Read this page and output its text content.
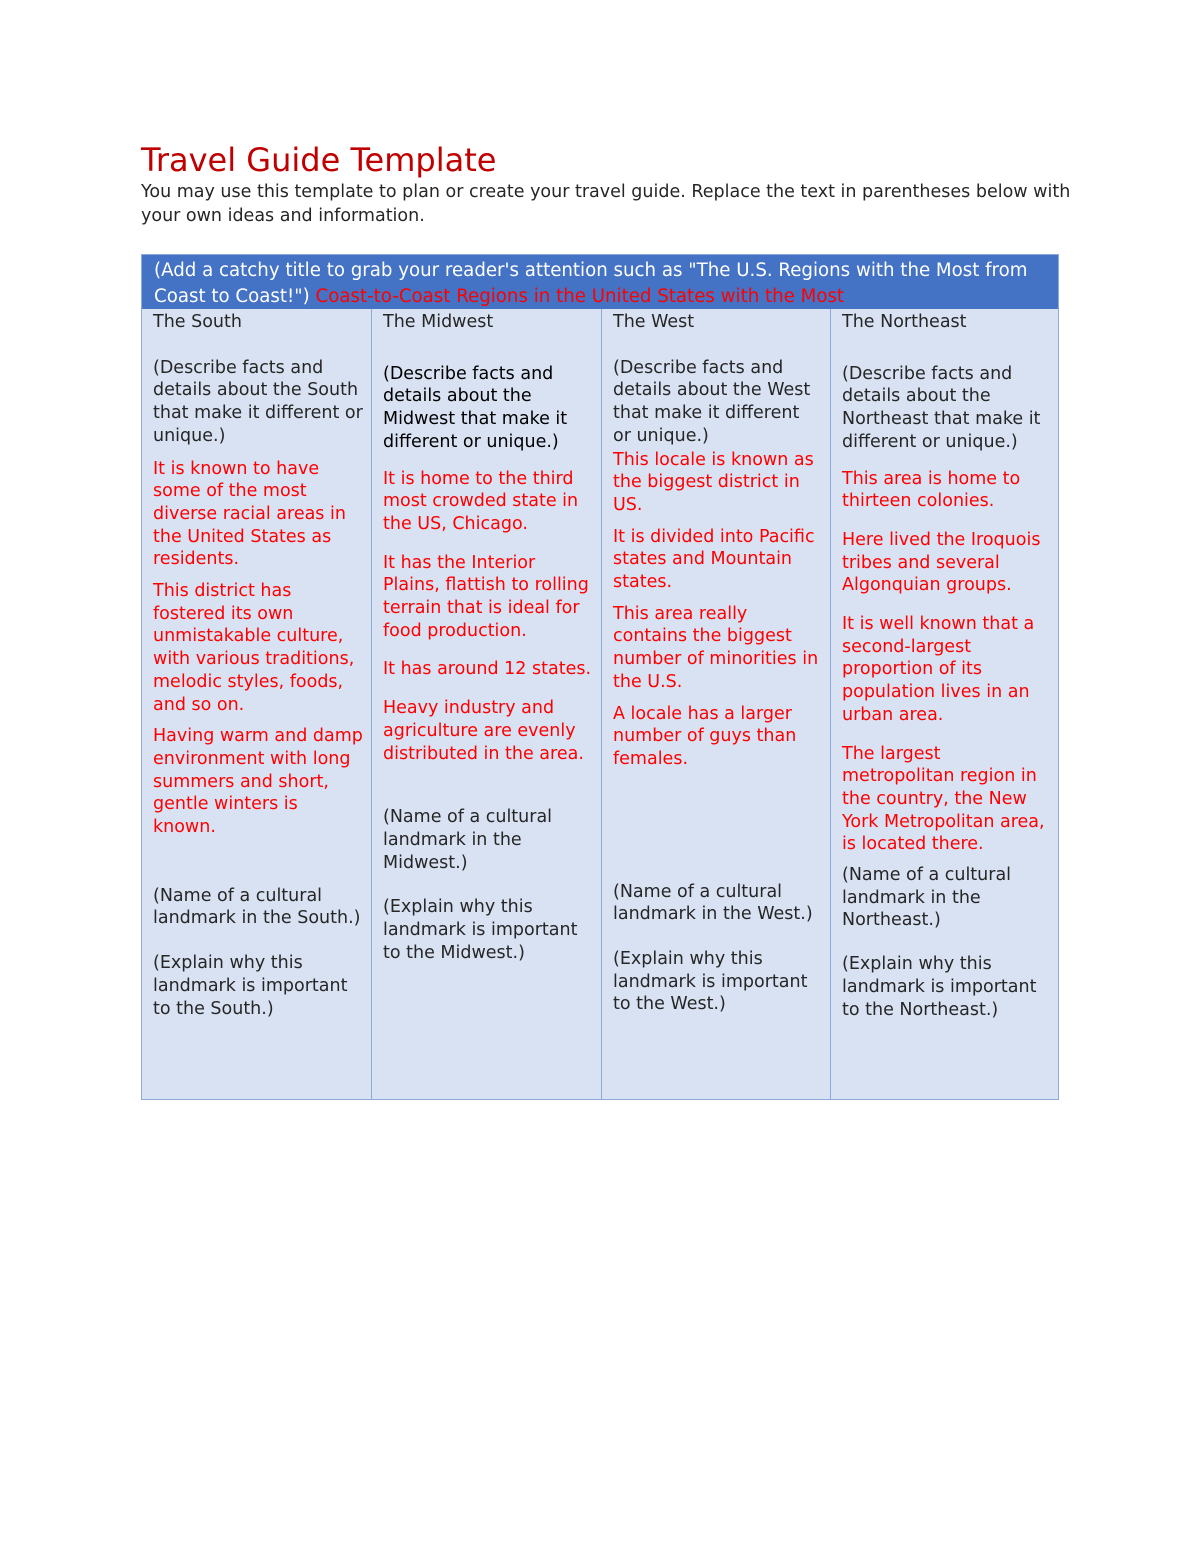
Travel Guide Template
You may use this template to plan or create your travel guide. Replace the text in parentheses below with your own ideas and information.
(Add a catchy title to grab your reader's attention such as "The U.S. Regions with the Most from Coast to Coast!") Coast-to-Coast Regions in the United States with the Most

The South

(Describe facts and details about the South that make it different or unique.)

It is known to have some of the most diverse racial areas in the United States as residents.

This district has fostered its own unmistakable culture, with various traditions, melodic styles, foods, and so on.

Having warm and damp environment with long summers and short, gentle winters is known.

(Name of a cultural landmark in the South.)

(Explain why this landmark is important to the South.)

The Midwest

(Describe facts and details about the Midwest that make it different or unique.)

It is home to the third most crowded state in the US, Chicago.

It has the Interior Plains, flattish to rolling terrain that is ideal for food production.

It has around 12 states.

Heavy industry and agriculture are evenly distributed in the area.

(Name of a cultural landmark in the Midwest.)

(Explain why this landmark is important to the Midwest.)

The West

(Describe facts and details about the West that make it different or unique.)

This locale is known as the biggest district in US.

It is divided into Pacific states and Mountain states.

This area really contains the biggest number of minorities in the U.S.

A locale has a larger number of guys than females.

(Name of a cultural landmark in the West.)

(Explain why this landmark is important to the West.)

The Northeast

(Describe facts and details about the Northeast that make it different or unique.)

This area is home to thirteen colonies.

Here lived the Iroquois tribes and several Algonquian groups.

It is well known that a second-largest proportion of its population lives in an urban area.

The largest metropolitan region in the country, the New York Metropolitan area, is located there.

(Name of a cultural landmark in the Northeast.)

(Explain why this landmark is important to the Northeast.)
